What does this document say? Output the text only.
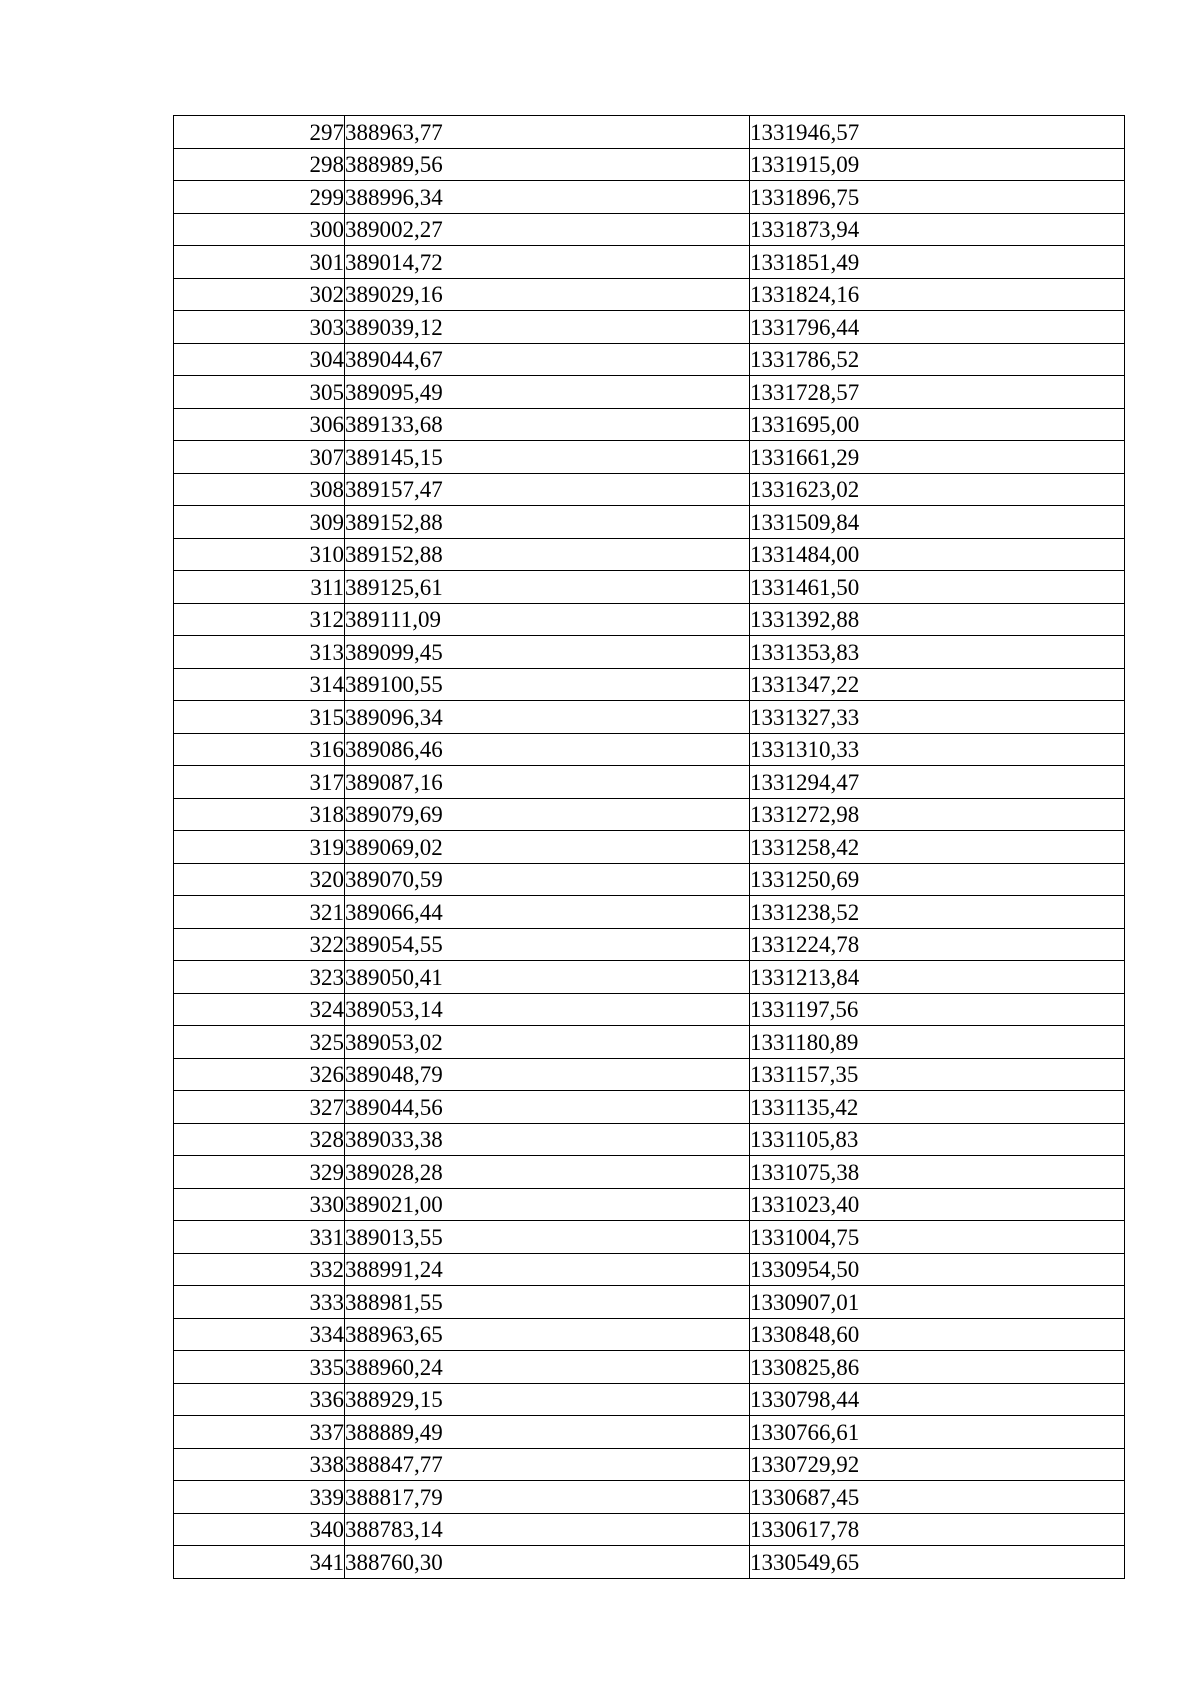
297	388963,77	1331946,57
298	388989,56	1331915,09
299	388996,34	1331896,75
300	389002,27	1331873,94
301	389014,72	1331851,49
302	389029,16	1331824,16
303	389039,12	1331796,44
304	389044,67	1331786,52
305	389095,49	1331728,57
306	389133,68	1331695,00
307	389145,15	1331661,29
308	389157,47	1331623,02
309	389152,88	1331509,84
310	389152,88	1331484,00
311	389125,61	1331461,50
312	389111,09	1331392,88
313	389099,45	1331353,83
314	389100,55	1331347,22
315	389096,34	1331327,33
316	389086,46	1331310,33
317	389087,16	1331294,47
318	389079,69	1331272,98
319	389069,02	1331258,42
320	389070,59	1331250,69
321	389066,44	1331238,52
322	389054,55	1331224,78
323	389050,41	1331213,84
324	389053,14	1331197,56
325	389053,02	1331180,89
326	389048,79	1331157,35
327	389044,56	1331135,42
328	389033,38	1331105,83
329	389028,28	1331075,38
330	389021,00	1331023,40
331	389013,55	1331004,75
332	388991,24	1330954,50
333	388981,55	1330907,01
334	388963,65	1330848,60
335	388960,24	1330825,86
336	388929,15	1330798,44
337	388889,49	1330766,61
338	388847,77	1330729,92
339	388817,79	1330687,45
340	388783,14	1330617,78
341	388760,30	1330549,65
